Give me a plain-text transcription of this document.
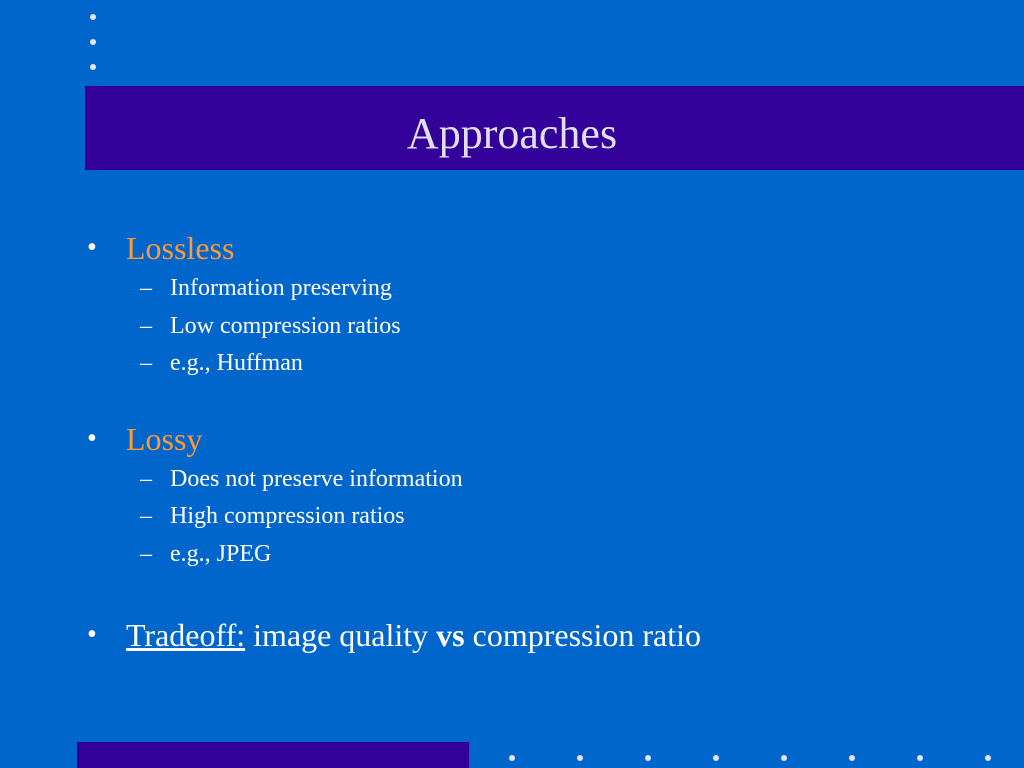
Approaches
• Lossless
– Information preserving
– Low compression ratios
– e.g., Huffman
• Lossy
– Does not preserve information
– High compression ratios
– e.g., JPEG
• Tradeoff: image quality vs compression ratio
